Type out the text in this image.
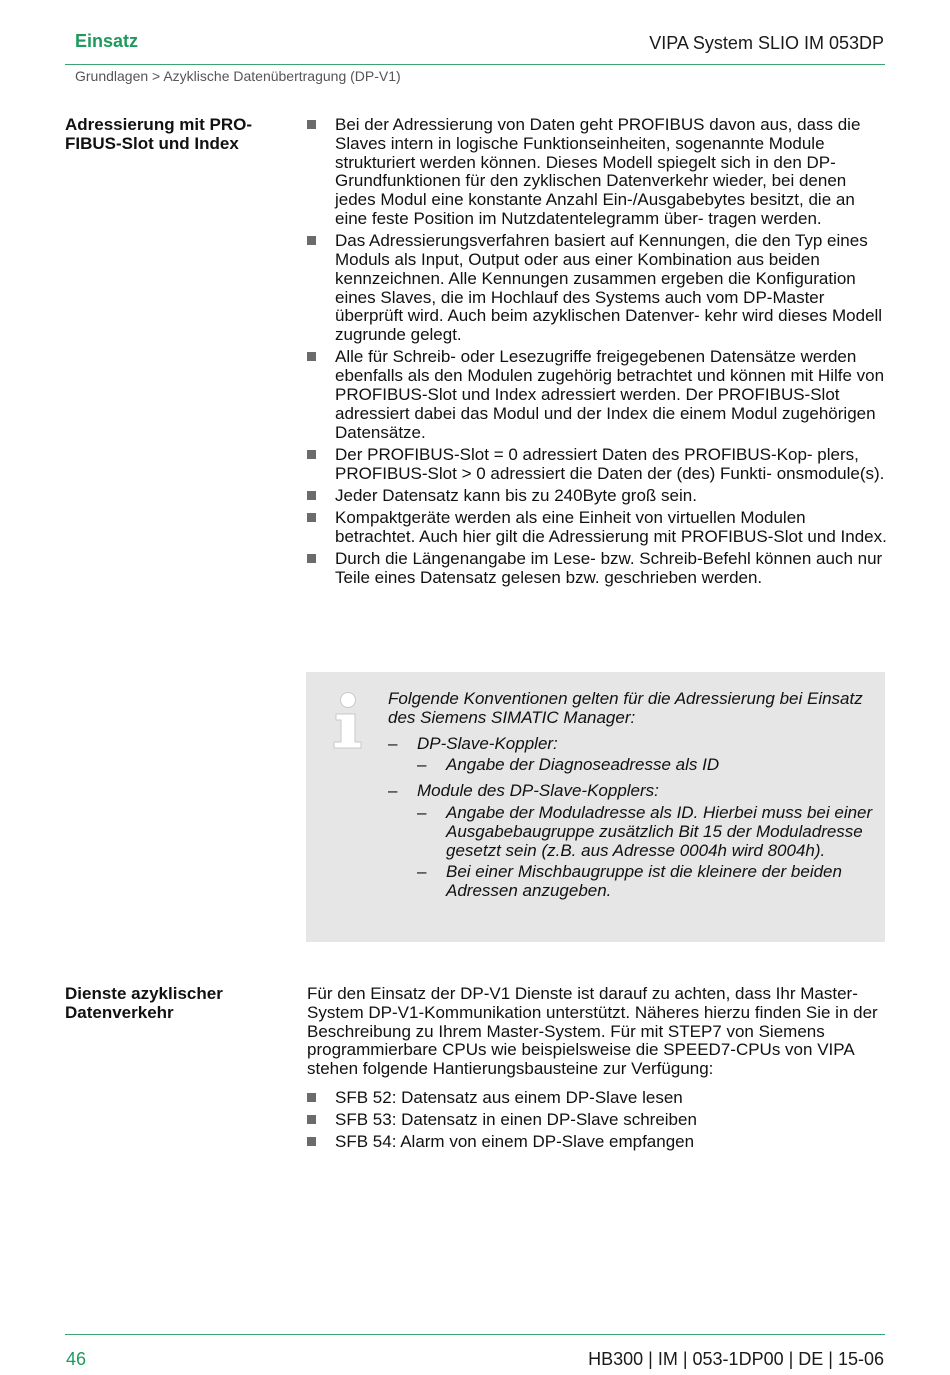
Einsatz	VIPA System SLIO IM 053DP
Grundlagen > Azyklische Datenübertragung (DP-V1)
Adressierung mit PRO-
FIBUS-Slot und Index
Bei der Adressierung von Daten geht PROFIBUS davon aus, dass die Slaves intern in logische Funktionseinheiten, sogenannte Module strukturiert werden können. Dieses Modell spiegelt sich in den DP-Grundfunktionen für den zyklischen Datenverkehr wieder, bei denen jedes Modul eine konstante Anzahl Ein-/Ausgabebytes besitzt, die an eine feste Position im Nutzdatentelegramm über- tragen werden.
Das Adressierungsverfahren basiert auf Kennungen, die den Typ eines Moduls als Input, Output oder aus einer Kombination aus beiden kennzeichnen. Alle Kennungen zusammen ergeben die Konfiguration eines Slaves, die im Hochlauf des Systems auch vom DP-Master überprüft wird. Auch beim azyklischen Datenver- kehr wird dieses Modell zugrunde gelegt.
Alle für Schreib- oder Lesezugriffe freigegebenen Datensätze werden ebenfalls als den Modulen zugehörig betrachtet und können mit Hilfe von PROFIBUS-Slot und Index adressiert werden. Der PROFIBUS-Slot adressiert dabei das Modul und der Index die einem Modul zugehörigen Datensätze.
Der PROFIBUS-Slot = 0 adressiert Daten des PROFIBUS-Kop- plers, PROFIBUS-Slot > 0 adressiert die Daten der (des) Funkti- onsmodule(s).
Jeder Datensatz kann bis zu 240Byte groß sein.
Kompaktgeräte werden als eine Einheit von virtuellen Modulen betrachtet. Auch hier gilt die Adressierung mit PROFIBUS-Slot und Index.
Durch die Längenangabe im Lese- bzw. Schreib-Befehl können auch nur Teile eines Datensatz gelesen bzw. geschrieben werden.
Folgende Konventionen gelten für die Adressierung bei Einsatz des Siemens SIMATIC Manager:
– DP-Slave-Koppler:
– Angabe der Diagnoseadresse als ID
– Module des DP-Slave-Kopplers:
– Angabe der Moduladresse als ID. Hierbei muss bei einer Ausgabebaugruppe zusätzlich Bit 15 der Moduladresse gesetzt sein (z.B. aus Adresse 0004h wird 8004h).
– Bei einer Mischbaugruppe ist die kleinere der beiden Adressen anzugeben.
Dienste azyklischer
Datenverkehr

Für den Einsatz der DP-V1 Dienste ist darauf zu achten, dass Ihr Master-System DP-V1-Kommunikation unterstützt. Näheres hierzu finden Sie in der Beschreibung zu Ihrem Master-System. Für mit STEP7 von Siemens programmierbare CPUs wie beispielsweise die SPEED7-CPUs von VIPA stehen folgende Hantierungsbausteine zur Verfügung:

SFB 52: Datensatz aus einem DP-Slave lesen
SFB 53: Datensatz in einen DP-Slave schreiben
SFB 54: Alarm von einem DP-Slave empfangen
46	HB300 | IM | 053-1DP00 | DE | 15-06
